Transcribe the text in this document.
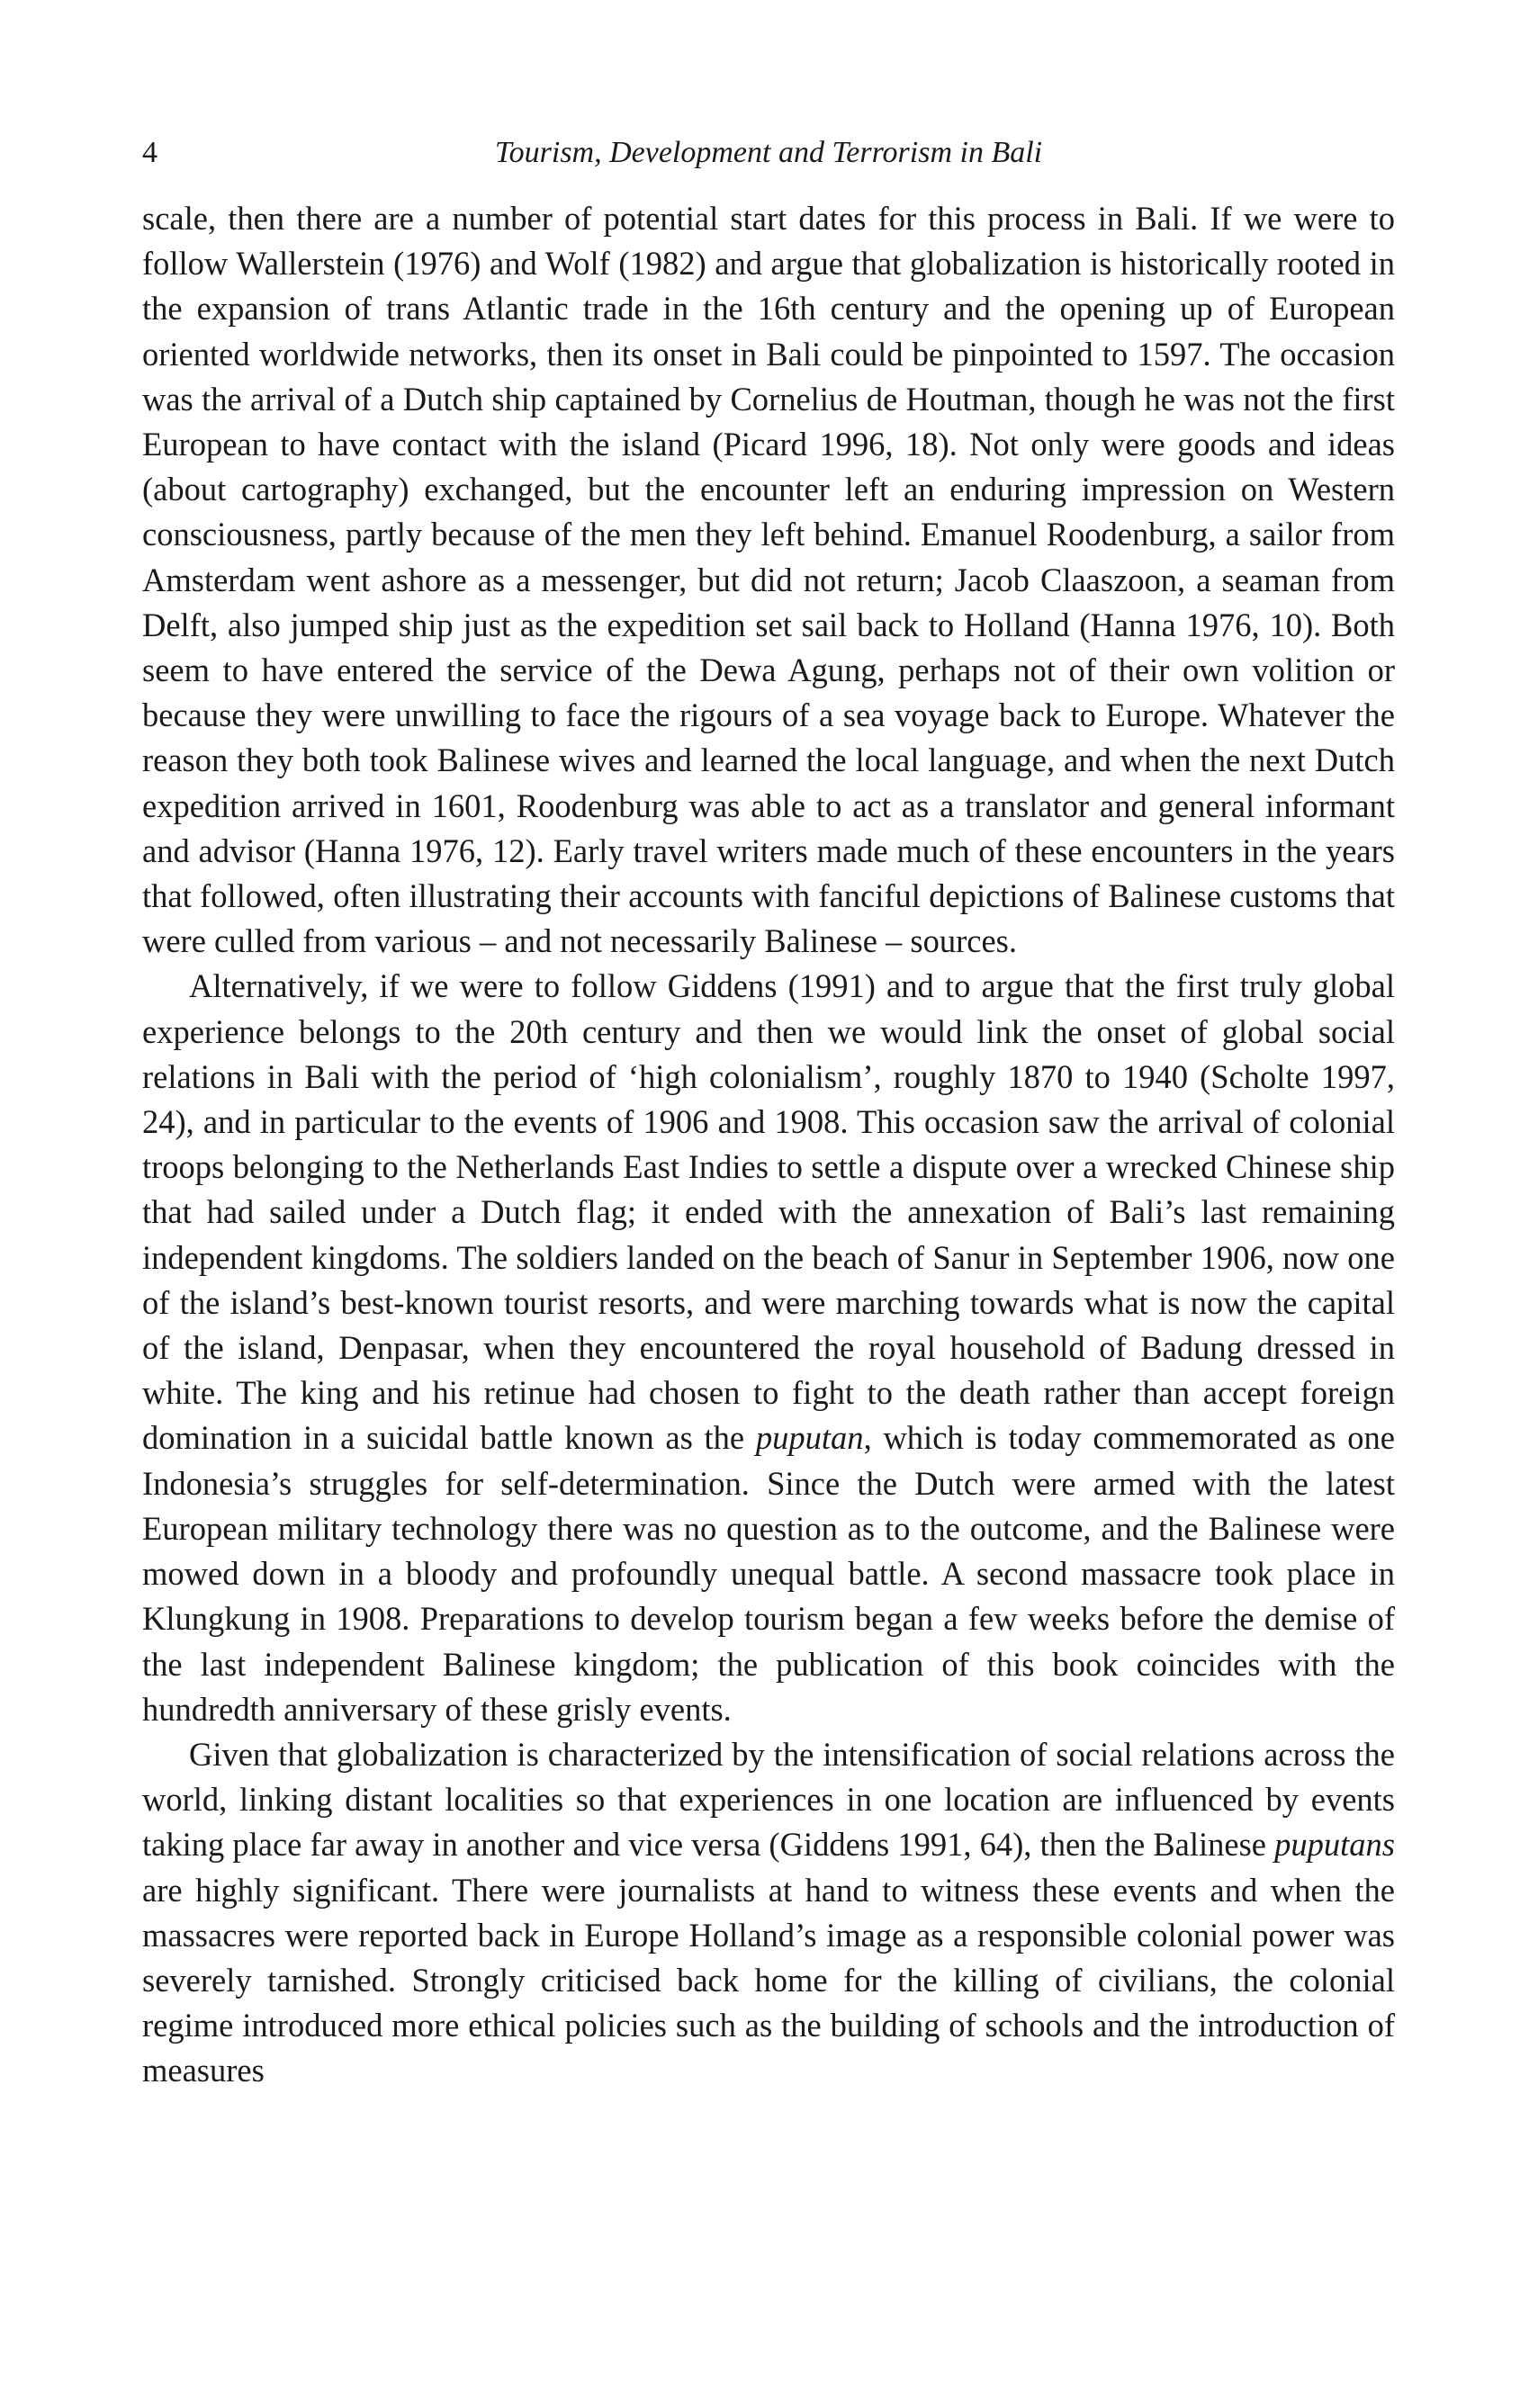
4	Tourism, Development and Terrorism in Bali

scale, then there are a number of potential start dates for this process in Bali. If we were to follow Wallerstein (1976) and Wolf (1982) and argue that globalization is historically rooted in the expansion of trans Atlantic trade in the 16th century and the opening up of European oriented worldwide networks, then its onset in Bali could be pinpointed to 1597. The occasion was the arrival of a Dutch ship captained by Cornelius de Houtman, though he was not the first European to have contact with the island (Picard 1996, 18). Not only were goods and ideas (about cartography) exchanged, but the encounter left an enduring impression on Western consciousness, partly because of the men they left behind. Emanuel Roodenburg, a sailor from Amsterdam went ashore as a messenger, but did not return; Jacob Claaszoon, a seaman from Delft, also jumped ship just as the expedition set sail back to Holland (Hanna 1976, 10). Both seem to have entered the service of the Dewa Agung, perhaps not of their own volition or because they were unwilling to face the rigours of a sea voyage back to Europe. Whatever the reason they both took Balinese wives and learned the local language, and when the next Dutch expedition arrived in 1601, Roodenburg was able to act as a translator and general informant and advisor (Hanna 1976, 12). Early travel writers made much of these encounters in the years that followed, often illustrating their accounts with fanciful depictions of Balinese customs that were culled from various – and not necessarily Balinese – sources.

Alternatively, if we were to follow Giddens (1991) and to argue that the first truly global experience belongs to the 20th century and then we would link the onset of global social relations in Bali with the period of ‘high colonialism’, roughly 1870 to 1940 (Scholte 1997, 24), and in particular to the events of 1906 and 1908. This occasion saw the arrival of colonial troops belonging to the Netherlands East Indies to settle a dispute over a wrecked Chinese ship that had sailed under a Dutch flag; it ended with the annexation of Bali’s last remaining independent kingdoms. The soldiers landed on the beach of Sanur in September 1906, now one of the island’s best-known tourist resorts, and were marching towards what is now the capital of the island, Denpasar, when they encountered the royal household of Badung dressed in white. The king and his retinue had chosen to fight to the death rather than accept foreign domination in a suicidal battle known as the puputan, which is today commemorated as one Indonesia’s struggles for self-determination. Since the Dutch were armed with the latest European military technology there was no question as to the outcome, and the Balinese were mowed down in a bloody and profoundly unequal battle. A second massacre took place in Klungkung in 1908. Preparations to develop tourism began a few weeks before the demise of the last independent Balinese kingdom; the publication of this book coincides with the hundredth anniversary of these grisly events.

Given that globalization is characterized by the intensification of social relations across the world, linking distant localities so that experiences in one location are influenced by events taking place far away in another and vice versa (Giddens 1991, 64), then the Balinese puputans are highly significant. There were journalists at hand to witness these events and when the massacres were reported back in Europe Holland’s image as a responsible colonial power was severely tarnished. Strongly criticised back home for the killing of civilians, the colonial regime introduced more ethical policies such as the building of schools and the introduction of measures
